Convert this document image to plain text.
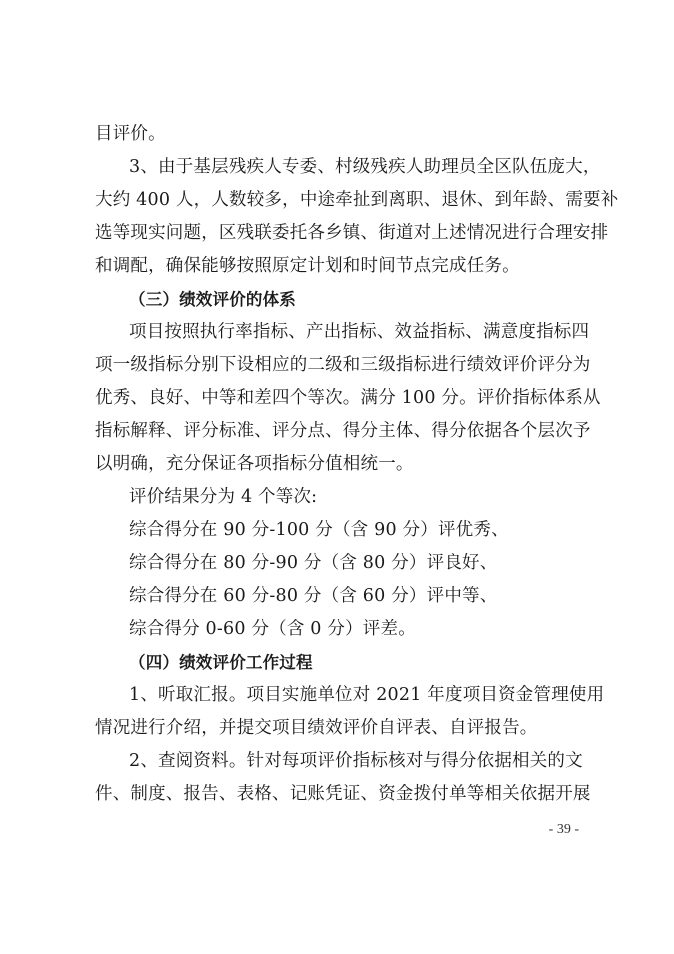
目评价。
3、由于基层残疾人专委、村级残疾人助理员全区队伍庞大，
大约 400 人，人数较多，中途牵扯到离职、退休、到年龄、需要补
选等现实问题，区残联委托各乡镇、街道对上述情况进行合理安排
和调配，确保能够按照原定计划和时间节点完成任务。
（三）绩效评价的体系
项目按照执行率指标、产出指标、效益指标、满意度指标四
项一级指标分别下设相应的二级和三级指标进行绩效评价评分为
优秀、良好、中等和差四个等次。满分 100 分。评价指标体系从
指标解释、评分标准、评分点、得分主体、得分依据各个层次予
以明确，充分保证各项指标分值相统一。
评价结果分为 4 个等次:
综合得分在 90 分-100 分（含 90 分）评优秀、
综合得分在 80 分-90 分（含 80 分）评良好、
综合得分在 60 分-80 分（含 60 分）评中等、
综合得分 0-60 分（含 0 分）评差。
（四）绩效评价工作过程
1、听取汇报。项目实施单位对 2021 年度项目资金管理使用
情况进行介绍，并提交项目绩效评价自评表、自评报告。
2、查阅资料。针对每项评价指标核对与得分依据相关的文
件、制度、报告、表格、记账凭证、资金拨付单等相关依据开展
- 39 -
